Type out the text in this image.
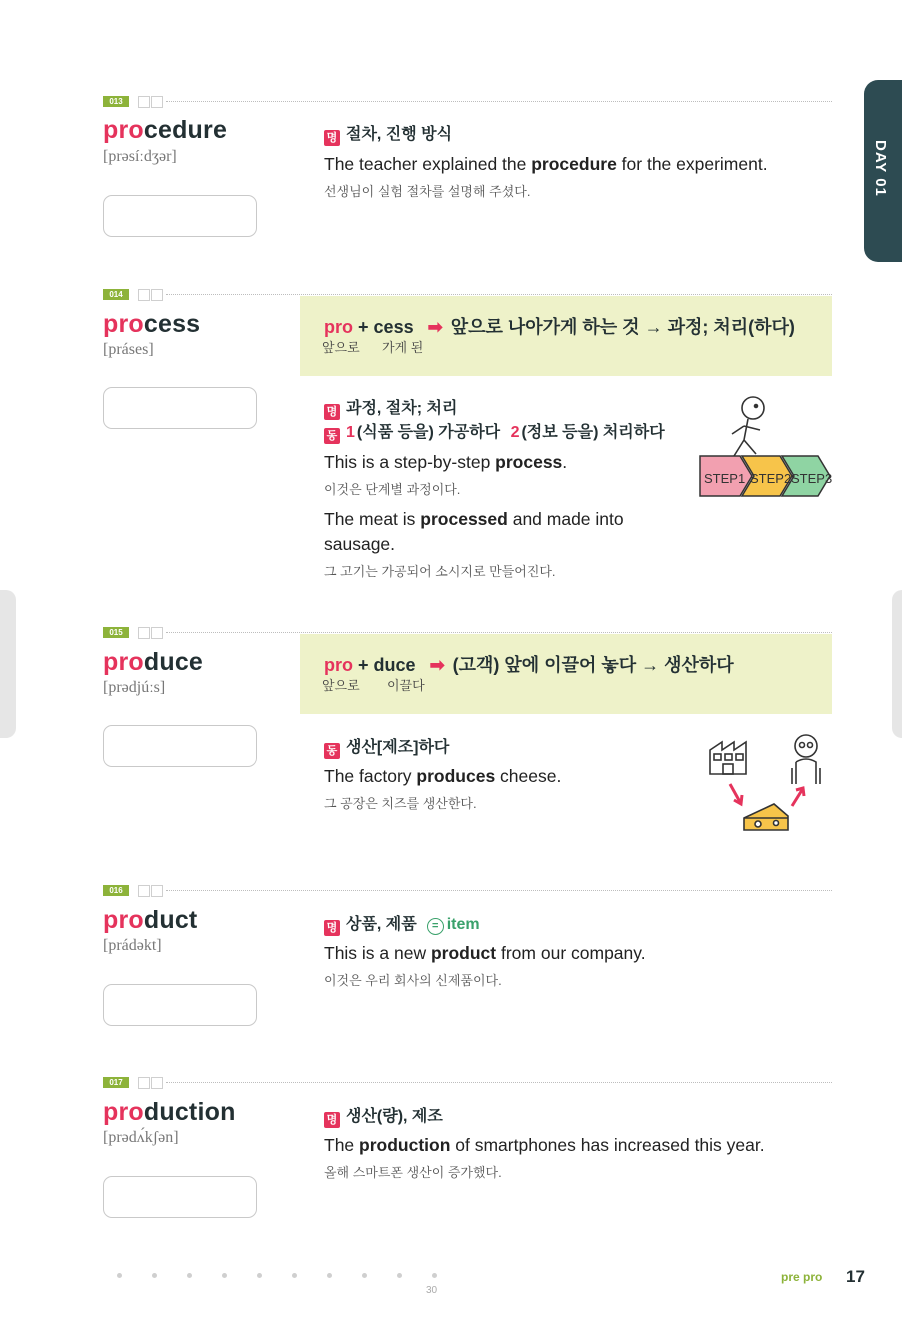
DAY 01
013
procedure
[prəsíːdʒər]
명 절차, 진행 방식
The teacher explained the procedure for the experiment.
선생님이 실험 절차를 설명해 주셨다.
014
process
[práses]
pro + cess ➡ 앞으로 나아가게 하는 것 → 과정; 처리(하다)
앞으로 가게 된
명 과정, 절차; 처리
동 1 (식품 등을) 가공하다 2 (정보 등을) 처리하다
This is a step-by-step process.
이것은 단계별 과정이다.
The meat is processed and made into
sausage.
그 고기는 가공되어 소시지로 만들어진다.
STEP1 STEP2 STEP3
015
produce
[prədjúːs]
pro + duce ➡ (고객) 앞에 이끌어 놓다 → 생산하다
앞으로 이끌다
동 생산[제조]하다
The factory produces cheese.
그 공장은 치즈를 생산한다.
016
product
[prádəkt]
명 상품, 제품 = item
This is a new product from our company.
이것은 우리 회사의 신제품이다.
017
production
[prədʌ́kʃən]
명 생산(량), 제조
The production of smartphones has increased this year.
올해 스마트폰 생산이 증가했다.
30
pre pro 17
